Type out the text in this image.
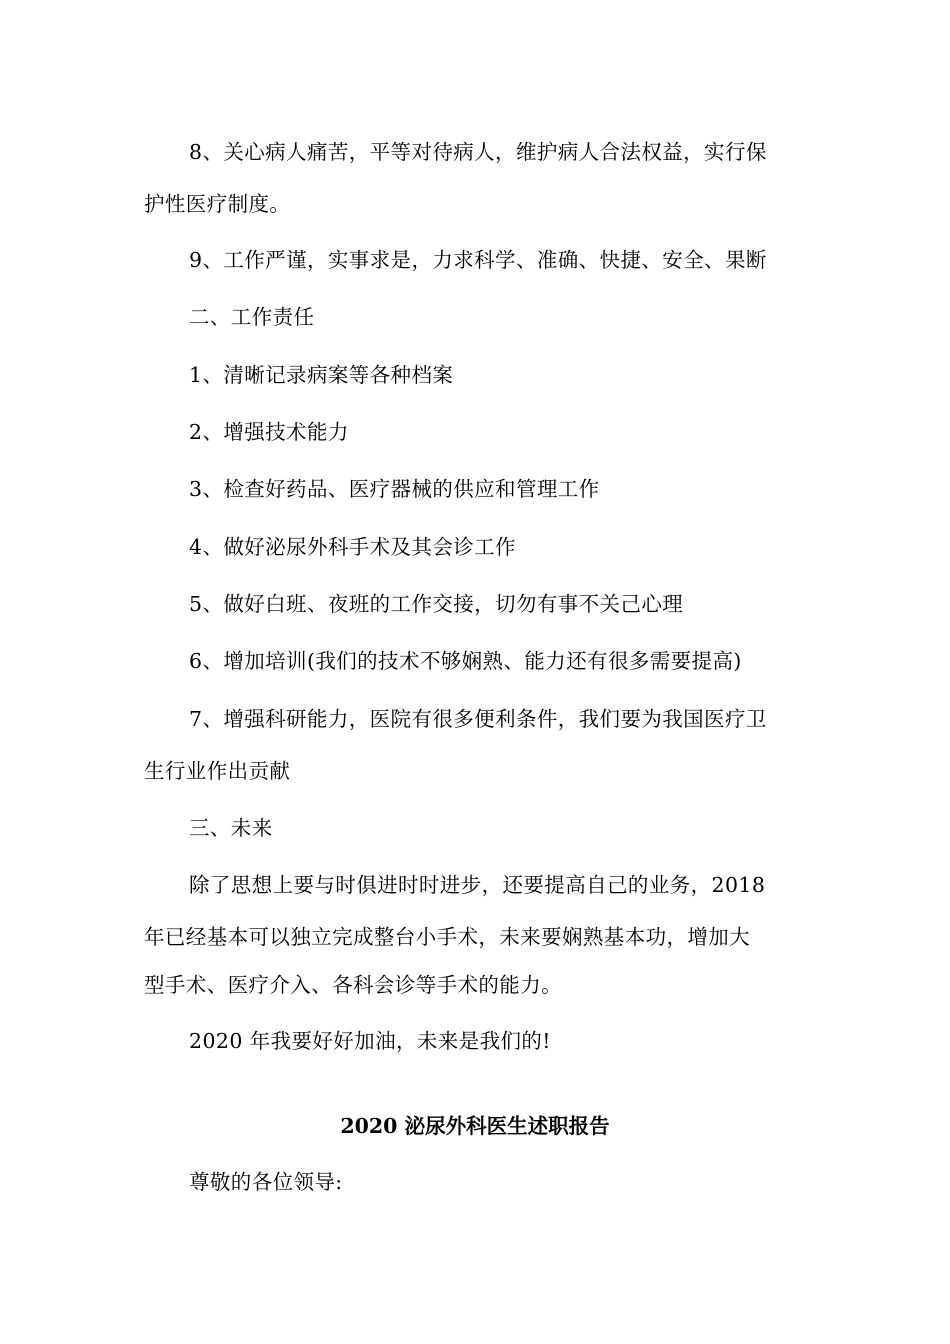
8、关心病人痛苦，平等对待病人，维护病人合法权益，实行保
护性医疗制度。
9、工作严谨，实事求是，力求科学、准确、快捷、安全、果断
二、工作责任
1、清晰记录病案等各种档案
2、增强技术能力
3、检查好药品、医疗器械的供应和管理工作
4、做好泌尿外科手术及其会诊工作
5、做好白班、夜班的工作交接，切勿有事不关己心理
6、增加培训(我们的技术不够娴熟、能力还有很多需要提高)
7、增强科研能力，医院有很多便利条件，我们要为我国医疗卫
生行业作出贡献
三、未来
除了思想上要与时俱进时时进步，还要提高自己的业务，2018
年已经基本可以独立完成整台小手术，未来要娴熟基本功，增加大
型手术、医疗介入、各科会诊等手术的能力。
2020 年我要好好加油，未来是我们的!
2020 泌尿外科医生述职报告
尊敬的各位领导:
